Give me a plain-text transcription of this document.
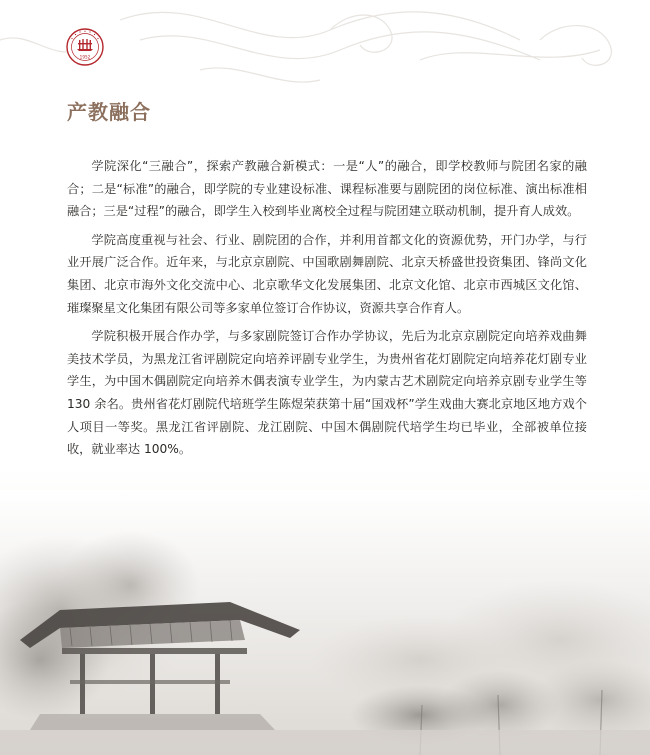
1952
产教融合

学院深化“三融合”，探索产教融合新模式：一是“人”的融合，即学校教师与院团名家的融合；二是“标准”的融合，即学院的专业建设标准、课程标准要与剧院团的岗位标准、演出标准相融合；三是“过程”的融合，即学生入校到毕业离校全过程与院团建立联动机制，提升育人成效。

学院高度重视与社会、行业、剧院团的合作，并利用首都文化的资源优势，开门办学，与行业开展广泛合作。近年来，与北京京剧院、中国歌剧舞剧院、北京天桥盛世投资集团、锋尚文化集团、北京市海外文化交流中心、北京歌华文化发展集团、北京文化馆、北京市西城区文化馆、璀璨聚星文化集团有限公司等多家单位签订合作协议，资源共享合作育人。

学院积极开展合作办学，与多家剧院签订合作办学协议，先后为北京京剧院定向培养戏曲舞美技术学员，为黑龙江省评剧院定向培养评剧专业学生，为贵州省花灯剧院定向培养花灯剧专业学生，为中国木偶剧院定向培养木偶表演专业学生，为内蒙古艺术剧院定向培养京剧专业学生等 130 余名。贵州省花灯剧院代培班学生陈煜荣获第十届“国戏杯”学生戏曲大赛北京地区地方戏个人项目一等奖。黑龙江省评剧院、龙江剧院、中国木偶剧院代培学生均已毕业，全部被单位接收，就业率达 100%。
